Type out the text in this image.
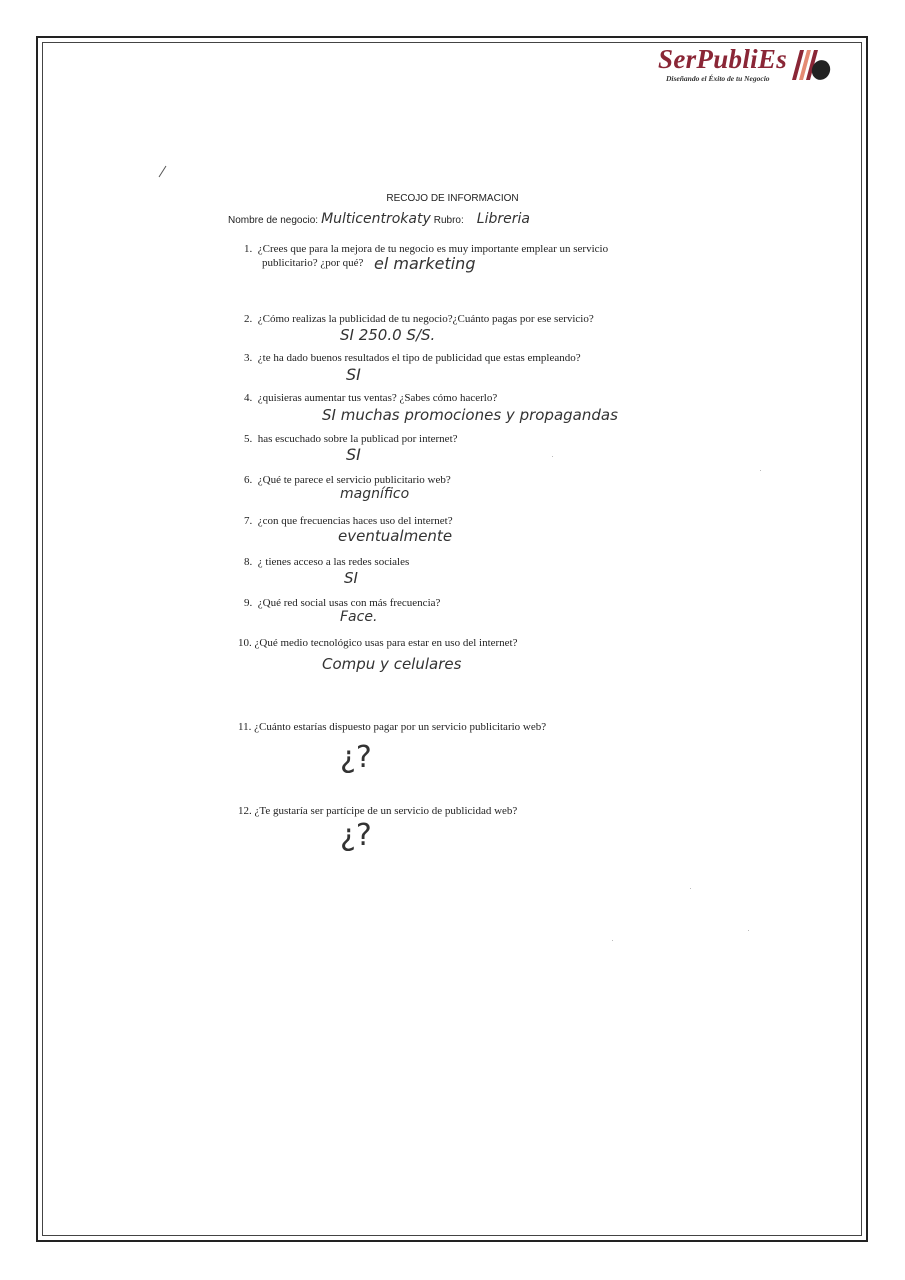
SerPubliEs
Diseñando el Éxito de tu Negocio
RECOJO DE INFORMACION
Nombre de negocio: Multicentrokaty Rubro: Libreria
1. ¿Crees que para la mejora de tu negocio es muy importante emplear un servicio
publicitario? ¿por qué? el marketing
2. ¿Cómo realizas la publicidad de tu negocio?¿Cuánto pagas por ese servicio?
SI 250.0 S/S.
3. ¿te ha dado buenos resultados el tipo de publicidad que estas empleando?
SI
4. ¿quisieras aumentar tus ventas? ¿Sabes cómo hacerlo?
SI muchas promociones y propagandas
5. has escuchado sobre la publicad por internet?
SI
6. ¿Qué te parece el servicio publicitario web?
magnífico
7. ¿con que frecuencias haces uso del internet?
eventualmente
8. ¿ tienes acceso a las redes sociales
SI
9. ¿Qué red social usas con más frecuencia?
Face.
10. ¿Qué medio tecnológico usas para estar en uso del internet?
Compu y celulares
11. ¿Cuánto estarías dispuesto pagar por un servicio publicitario web?
¿?
12. ¿Te gustaría ser partícipe de un servicio de publicidad web?
¿?
